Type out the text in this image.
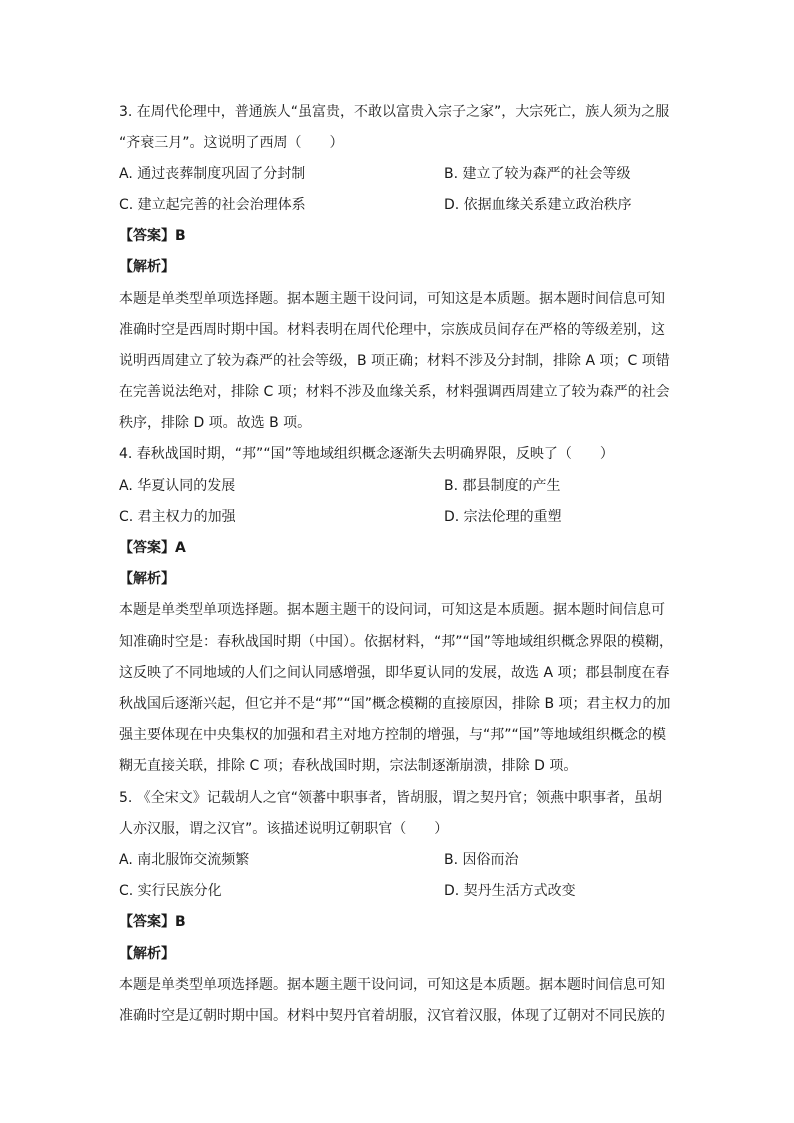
3. 在周代伦理中，普通族人“虽富贵，不敢以富贵入宗子之家”，大宗死亡，族人须为之服
“齐衰三月”。这说明了西周（　　）
A. 通过丧葬制度巩固了分封制	B. 建立了较为森严的社会等级
C. 建立起完善的社会治理体系	D. 依据血缘关系建立政治秩序
【答案】B
【解析】
本题是单类型单项选择题。据本题主题干设问词，可知这是本质题。据本题时间信息可知
准确时空是西周时期中国。材料表明在周代伦理中，宗族成员间存在严格的等级差别，这
说明西周建立了较为森严的社会等级，B 项正确；材料不涉及分封制，排除 A 项；C 项错
在完善说法绝对，排除 C 项；材料不涉及血缘关系，材料强调西周建立了较为森严的社会
秩序，排除 D 项。故选 B 项。
4. 春秋战国时期，“邦”“国”等地域组织概念逐渐失去明确界限，反映了（　　）
A. 华夏认同的发展	B. 郡县制度的产生
C. 君主权力的加强	D. 宗法伦理的重塑
【答案】A
【解析】
本题是单类型单项选择题。据本题主题干的设问词，可知这是本质题。据本题时间信息可
知准确时空是：春秋战国时期（中国）。依据材料，“邦”“国”等地域组织概念界限的模糊，
这反映了不同地域的人们之间认同感增强，即华夏认同的发展，故选 A 项；郡县制度在春
秋战国后逐渐兴起，但它并不是“邦”“国”概念模糊的直接原因，排除 B 项；君主权力的加
强主要体现在中央集权的加强和君主对地方控制的增强，与“邦”“国”等地域组织概念的模
糊无直接关联，排除 C 项；春秋战国时期，宗法制逐渐崩溃，排除 D 项。
5. 《全宋文》记载胡人之官“领蕃中职事者，皆胡服，谓之契丹官；领燕中职事者，虽胡
人亦汉服，谓之汉官”。该描述说明辽朝职官（　　）
A. 南北服饰交流频繁	B. 因俗而治
C. 实行民族分化	D. 契丹生活方式改变
【答案】B
【解析】
本题是单类型单项选择题。据本题主题干设问词，可知这是本质题。据本题时间信息可知
准确时空是辽朝时期中国。材料中契丹官着胡服，汉官着汉服，体现了辽朝对不同民族的
